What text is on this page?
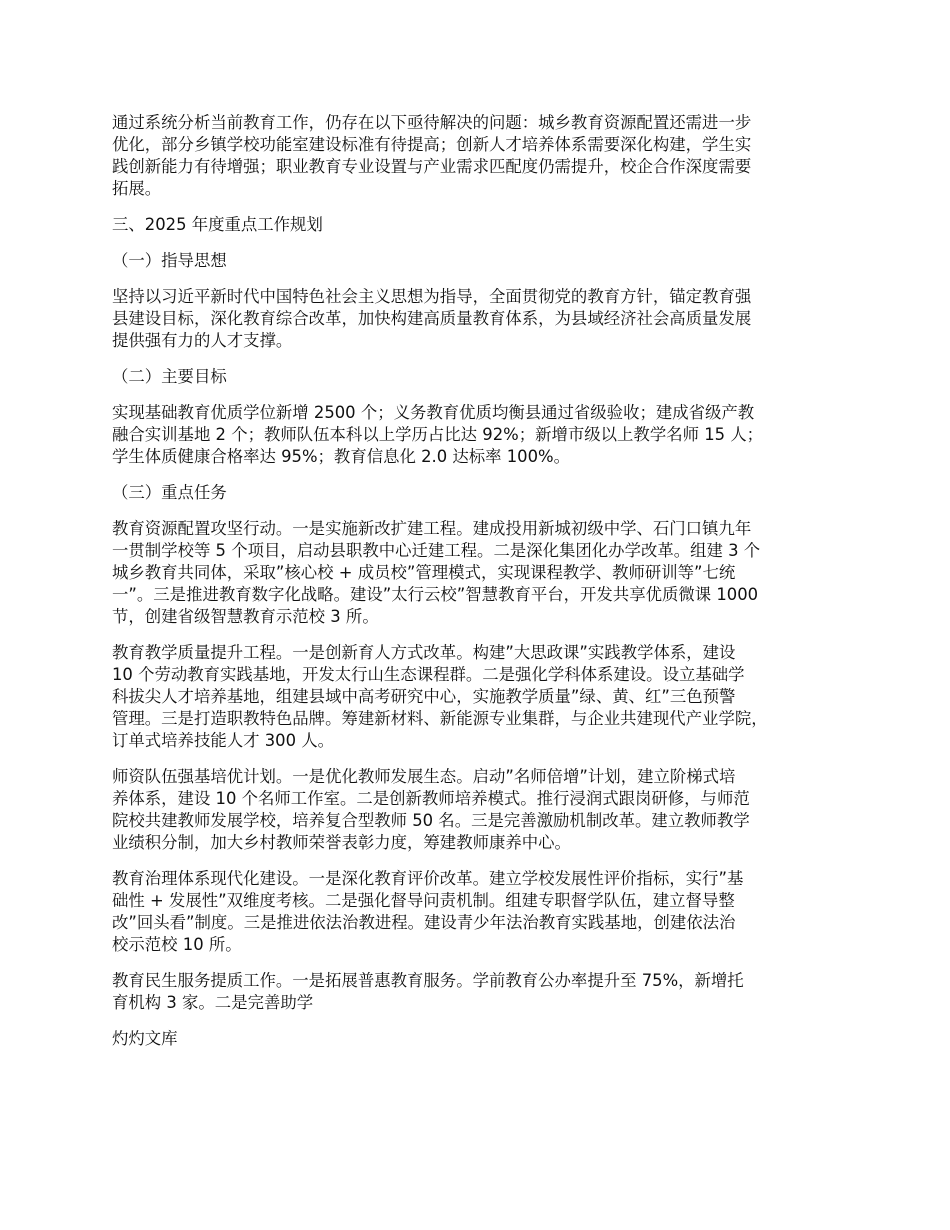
通过系统分析当前教育工作，仍存在以下亟待解决的问题：城乡教育资源配置还需进一步
优化，部分乡镇学校功能室建设标准有待提高；创新人才培养体系需要深化构建，学生实
践创新能力有待增强；职业教育专业设置与产业需求匹配度仍需提升，校企合作深度需要
拓展。

三、2025 年度重点工作规划

（一）指导思想

坚持以习近平新时代中国特色社会主义思想为指导，全面贯彻党的教育方针，锚定教育强
县建设目标，深化教育综合改革，加快构建高质量教育体系，为县域经济社会高质量发展
提供强有力的人才支撑。

（二）主要目标

实现基础教育优质学位新增 2500 个；义务教育优质均衡县通过省级验收；建成省级产教
融合实训基地 2 个；教师队伍本科以上学历占比达 92%；新增市级以上教学名师 15 人；
学生体质健康合格率达 95%；教育信息化 2.0 达标率 100%。

（三）重点任务

教育资源配置攻坚行动。一是实施新改扩建工程。建成投用新城初级中学、石门口镇九年
一贯制学校等 5 个项目，启动县职教中心迁建工程。二是深化集团化办学改革。组建 3 个
城乡教育共同体，采取”核心校 + 成员校”管理模式，实现课程教学、教师研训等”七统
一”。三是推进教育数字化战略。建设”太行云校”智慧教育平台，开发共享优质微课 1000
节，创建省级智慧教育示范校 3 所。

教育教学质量提升工程。一是创新育人方式改革。构建”大思政课”实践教学体系，建设
10 个劳动教育实践基地，开发太行山生态课程群。二是强化学科体系建设。设立基础学
科拔尖人才培养基地，组建县域中高考研究中心，实施教学质量”绿、黄、红”三色预警
管理。三是打造职教特色品牌。筹建新材料、新能源专业集群，与企业共建现代产业学院，
订单式培养技能人才 300 人。

师资队伍强基培优计划。一是优化教师发展生态。启动”名师倍增”计划，建立阶梯式培
养体系，建设 10 个名师工作室。二是创新教师培养模式。推行浸润式跟岗研修，与师范
院校共建教师发展学校，培养复合型教师 50 名。三是完善激励机制改革。建立教师教学
业绩积分制，加大乡村教师荣誉表彰力度，筹建教师康养中心。

教育治理体系现代化建设。一是深化教育评价改革。建立学校发展性评价指标，实行”基
础性 + 发展性”双维度考核。二是强化督导问责机制。组建专职督学队伍，建立督导整
改”回头看”制度。三是推进依法治教进程。建设青少年法治教育实践基地，创建依法治
校示范校 10 所。

教育民生服务提质工作。一是拓展普惠教育服务。学前教育公办率提升至 75%，新增托
育机构 3 家。二是完善助学

灼灼文库
